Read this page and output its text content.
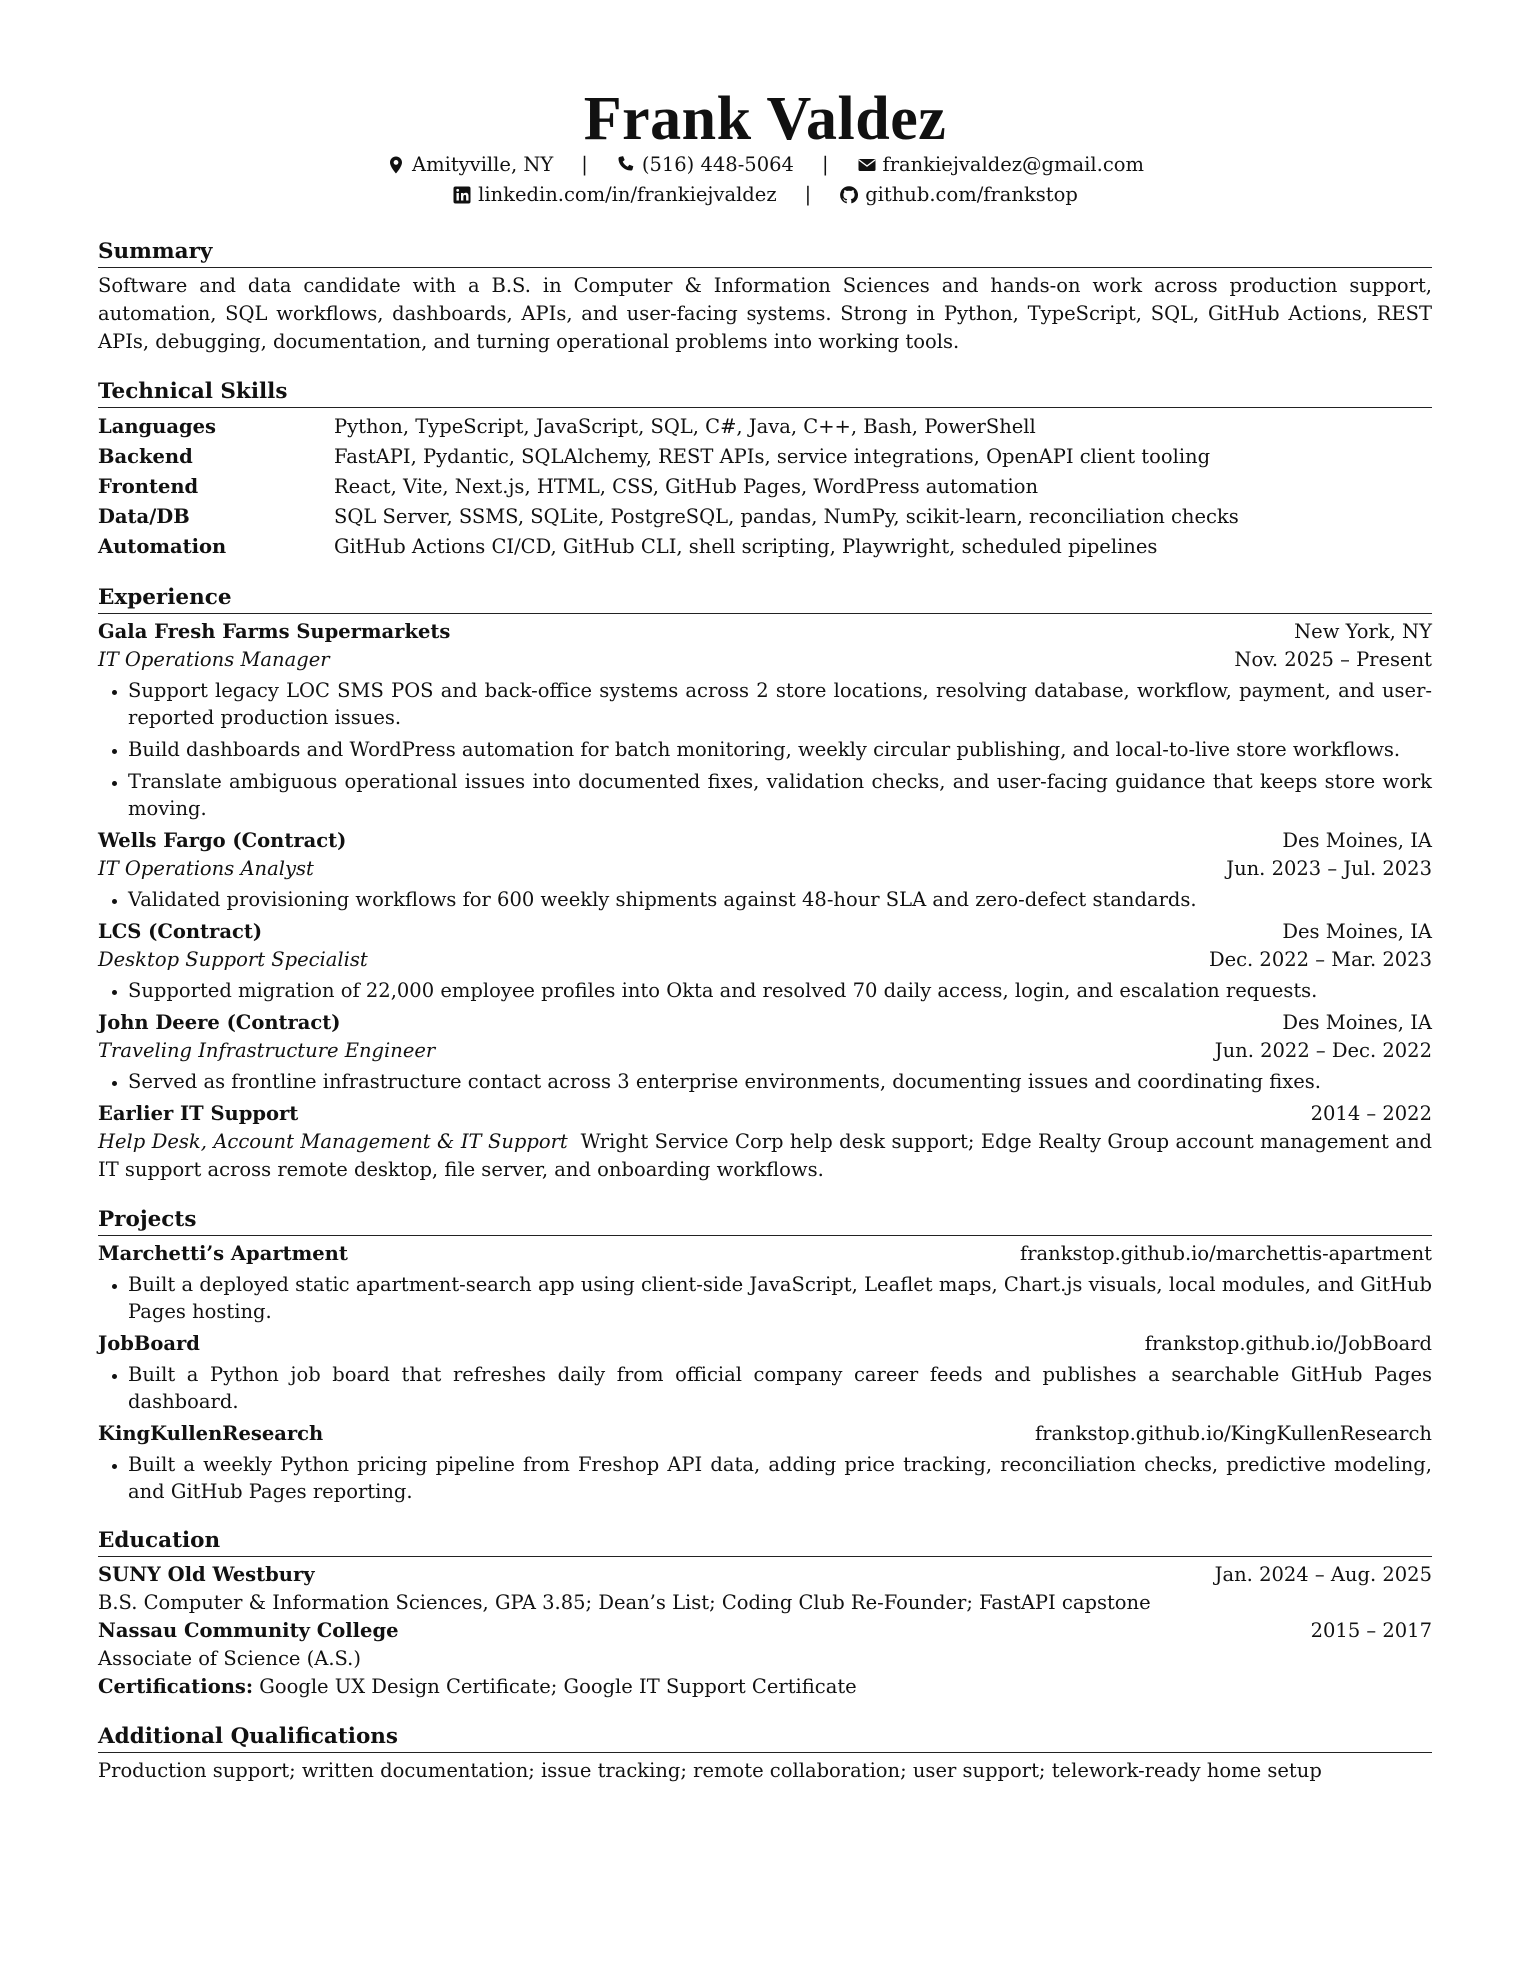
Frank Valdez
Amityville, NY |	(516) 448-5064 |	frankiejvaldez@gmail.com
linkedin.com/in/frankiejvaldez |	github.com/frankstop
Summary

Software and data candidate with a B.S. in Computer & Information Sciences and hands-on work across production support, automation, SQL workflows, dashboards, APIs, and user-facing systems. Strong in Python, TypeScript, SQL, GitHub Actions, REST APIs, debugging, documentation, and turning operational problems into working tools.

Technical Skills
Languages	Python, TypeScript, JavaScript, SQL, C#, Java, C++, Bash, PowerShell
Backend	FastAPI, Pydantic, SQLAlchemy, REST APIs, service integrations, OpenAPI client tooling
Frontend	React, Vite, Next.js, HTML, CSS, GitHub Pages, WordPress automation
Data/DB	SQL Server, SSMS, SQLite, PostgreSQL, pandas, NumPy, scikit-learn, reconciliation checks
Automation	GitHub Actions CI/CD, GitHub CLI, shell scripting, Playwright, scheduled pipelines
Experience
Gala Fresh Farms Supermarkets	New York, NY
IT Operations Manager	Nov. 2025 – Present
• Support legacy LOC SMS POS and back-office systems across 2 store locations, resolving database, workflow, payment, and user-reported production issues.
• Build dashboards and WordPress automation for batch monitoring, weekly circular publishing, and local-to-live store workflows.
• Translate ambiguous operational issues into documented fixes, validation checks, and user-facing guidance that keeps store work moving.
Wells Fargo (Contract)	Des Moines, IA
IT Operations Analyst	Jun. 2023 – Jul. 2023
• Validated provisioning workflows for 600 weekly shipments against 48-hour SLA and zero-defect standards.
LCS (Contract)	Des Moines, IA
Desktop Support Specialist	Dec. 2022 – Mar. 2023
• Supported migration of 22,000 employee profiles into Okta and resolved 70 daily access, login, and escalation requests.
John Deere (Contract)	Des Moines, IA
Traveling Infrastructure Engineer	Jun. 2022 – Dec. 2022
• Served as frontline infrastructure contact across 3 enterprise environments, documenting issues and coordinating fixes.
Earlier IT Support	2014 – 2022
Help Desk, Account Management & IT Support Wright Service Corp help desk support; Edge Realty Group account management and IT support across remote desktop, file server, and onboarding workflows.
Projects
Marchetti’s Apartment	frankstop.github.io/marchettis-apartment
• Built a deployed static apartment-search app using client-side JavaScript, Leaflet maps, Chart.js visuals, local modules, and GitHub Pages hosting.
JobBoard	frankstop.github.io/JobBoard
• Built a Python job board that refreshes daily from official company career feeds and publishes a searchable GitHub Pages dashboard.
KingKullenResearch	frankstop.github.io/KingKullenResearch
• Built a weekly Python pricing pipeline from Freshop API data, adding price tracking, reconciliation checks, predictive modeling, and GitHub Pages reporting.
Education
SUNY Old Westbury	Jan. 2024 – Aug. 2025
B.S. Computer & Information Sciences, GPA 3.85; Dean’s List; Coding Club Re-Founder; FastAPI capstone
Nassau Community College	2015 – 2017
Associate of Science (A.S.)
Certifications: Google UX Design Certificate; Google IT Support Certificate
Additional Qualifications

Production support; written documentation; issue tracking; remote collaboration; user support; telework-ready home setup
